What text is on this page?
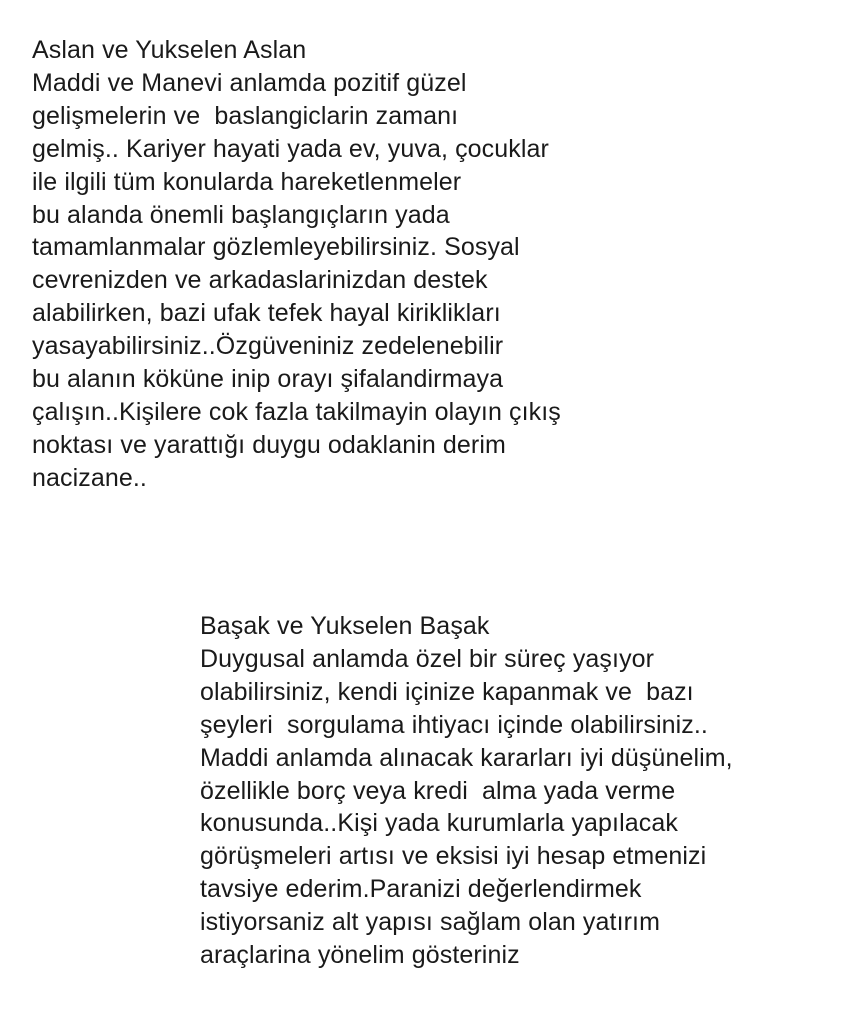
Aslan ve Yukselen Aslan
Maddi ve Manevi anlamda pozitif güzel
gelişmelerin ve  baslangiclarin zamanı
gelmiş.. Kariyer hayati yada ev, yuva, çocuklar
ile ilgili tüm konularda hareketlenmeler
bu alanda önemli başlangıçların yada
tamamlanmalar gözlemleyebilirsiniz. Sosyal
cevrenizden ve arkadaslarinizdan destek
alabilirken, bazi ufak tefek hayal kiriklikları
yasayabilirsiniz..Özgüveniniz zedelenebilir
bu alanın köküne inip orayı şifalandirmaya
çalışın..Kişilere cok fazla takilmayin olayın çıkış
noktası ve yarattığı duygu odaklanin derim
nacizane..
Başak ve Yukselen Başak
Duygusal anlamda özel bir süreç yaşıyor
olabilirsiniz, kendi içinize kapanmak ve  bazı
şeyleri  sorgulama ihtiyacı içinde olabilirsiniz..
Maddi anlamda alınacak kararları iyi düşünelim,
özellikle borç veya kredi  alma yada verme
konusunda..Kişi yada kurumlarla yapılacak
görüşmeleri artısı ve eksisi iyi hesap etmenizi
tavsiye ederim.Paranizi değerlendirmek
istiyorsaniz alt yapısı sağlam olan yatırım
araçlarina yönelim gösteriniz
